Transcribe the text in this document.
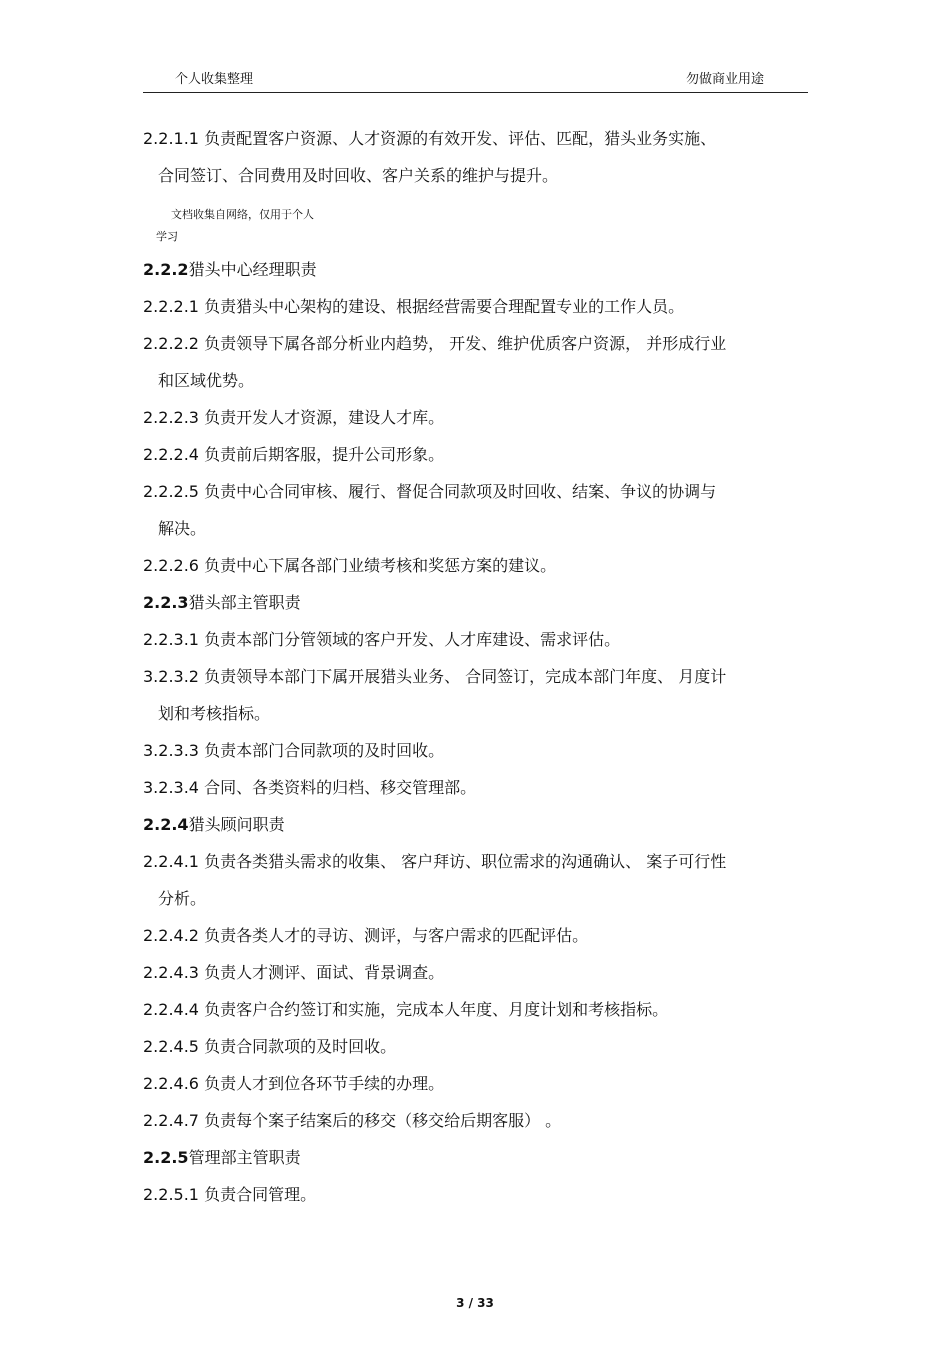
个人收集整理	勿做商业用途
2.2.1.1 负责配置客户资源、人才资源的有效开发、评估、匹配，猎头业务实施、

合同签订、合同费用及时回收、客户关系的维护与提升。
文档收集自网络，仅用于个人
学习
2.2.2猎头中心经理职责
2.2.2.1 负责猎头中心架构的建设、根据经营需要合理配置专业的工作人员。
2.2.2.2 负责领导下属各部分析业内趋势， 开发、维护优质客户资源， 并形成行业

和区域优势。
2.2.2.3 负责开发人才资源，建设人才库。
2.2.2.4 负责前后期客服，提升公司形象。
2.2.2.5 负责中心合同审核、履行、督促合同款项及时回收、结案、争议的协调与

解决。
2.2.2.6 负责中心下属各部门业绩考核和奖惩方案的建议。
2.2.3猎头部主管职责
2.2.3.1 负责本部门分管领域的客户开发、人才库建设、需求评估。
3.2.3.2 负责领导本部门下属开展猎头业务、 合同签订，完成本部门年度、 月度计

划和考核指标。
3.2.3.3 负责本部门合同款项的及时回收。
3.2.3.4 合同、各类资料的归档、移交管理部。
2.2.4猎头顾问职责
2.2.4.1 负责各类猎头需求的收集、 客户拜访、职位需求的沟通确认、 案子可行性

分析。
2.2.4.2 负责各类人才的寻访、测评，与客户需求的匹配评估。
2.2.4.3 负责人才测评、面试、背景调查。
2.2.4.4 负责客户合约签订和实施，完成本人年度、月度计划和考核指标。
2.2.4.5 负责合同款项的及时回收。
2.2.4.6 负责人才到位各环节手续的办理。
2.2.4.7 负责每个案子结案后的移交（移交给后期客服） 。
2.2.5管理部主管职责
2.2.5.1 负责合同管理。
3 / 33
